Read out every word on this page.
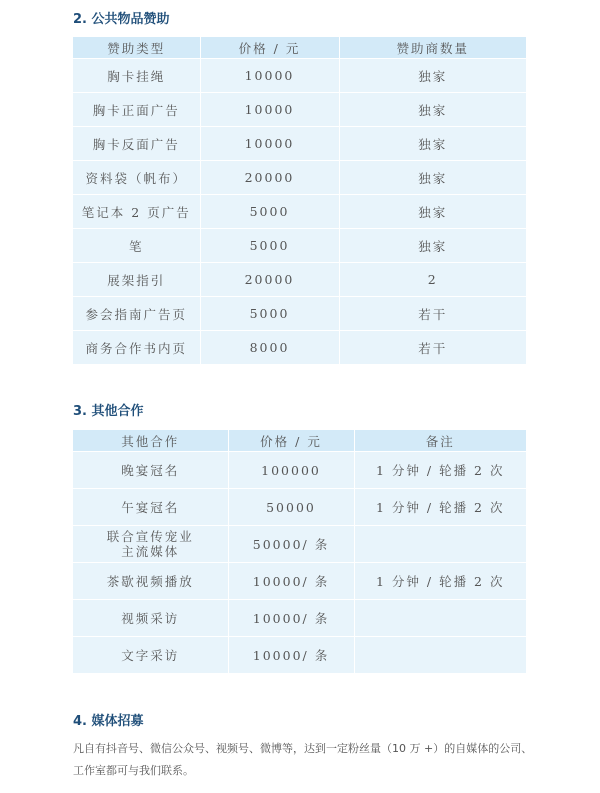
2. 公共物品赞助
赞助类型	价格 / 元	赞助商数量
胸卡挂绳	10000	独家
胸卡正面广告	10000	独家
胸卡反面广告	10000	独家
资料袋（帆布）	20000	独家
笔记本 2 页广告	5000	独家
笔	5000	独家
展架指引	20000	2
参会指南广告页	5000	若干
商务合作书内页	8000	若干
3. 其他合作
其他合作	价格 / 元	备注
晚宴冠名	100000	1 分钟 / 轮播 2 次
午宴冠名	50000	1 分钟 / 轮播 2 次
联合宣传宠业
主流媒体	50000/ 条	
茶歇视频播放	10000/ 条	1 分钟 / 轮播 2 次
视频采访	10000/ 条	
文字采访	10000/ 条	
4. 媒体招募
凡自有抖音号、微信公众号、视频号、微博等，达到一定粉丝量（10 万 +）的自媒体的公司、工作室都可与我们联系。
